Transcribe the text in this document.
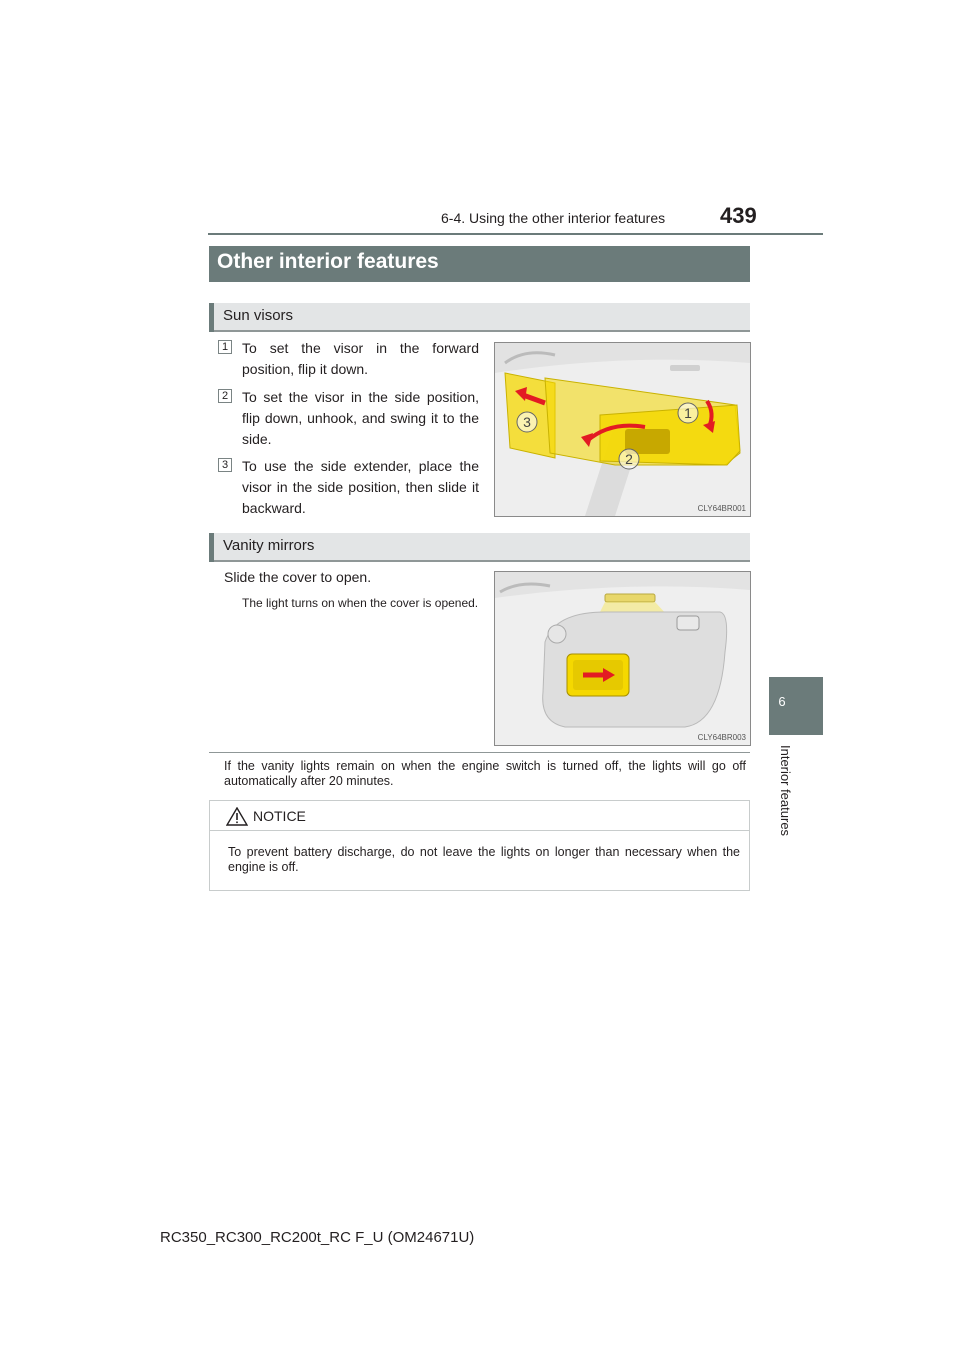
6-4. Using the other interior features 439
6
Interior features
Other interior features
Sun visors
1 To set the visor in the forward position, flip it down.
2 To set the visor in the side position, flip down, unhook, and swing it to the side.
3 To use the side extender, place the visor in the side position, then slide it backward.
1
2
3
CLY64BR001
Vanity mirrors
Slide the cover to open.
The light turns on when the cover is opened.
CLY64BR003
If the vanity lights remain on when the engine switch is turned off, the lights will go off automatically after 20 minutes.
NOTICE
To prevent battery discharge, do not leave the lights on longer than necessary when the engine is off.
RC350_RC300_RC200t_RC F_U (OM24671U)
